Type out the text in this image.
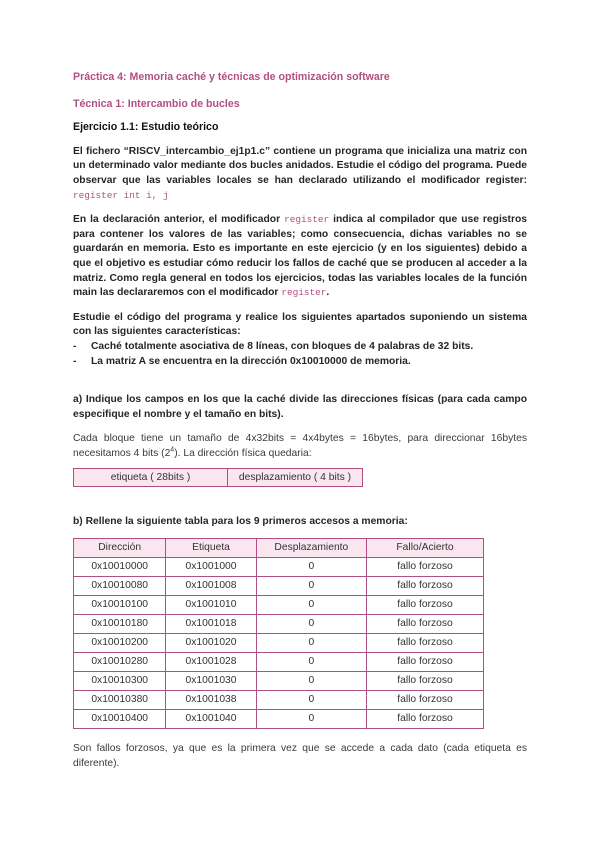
Práctica 4: Memoria caché y técnicas de optimización software

Técnica 1: Intercambio de bucles

Ejercicio 1.1: Estudio teórico

El fichero “RISCV_intercambio_ej1p1.c” contiene un programa que inicializa una matriz con un determinado valor mediante dos bucles anidados. Estudie el código del programa. Puede observar que las variables locales se han declarado utilizando el modificador register: register int i, j

En la declaración anterior, el modificador register indica al compilador que use registros para contener los valores de las variables; como consecuencia, dichas variables no se guardarán en memoria. Esto es importante en este ejercicio (y en los siguientes) debido a que el objetivo es estudiar cómo reducir los fallos de caché que se producen al acceder a la matriz. Como regla general en todos los ejercicios, todas las variables locales de la función main las declararemos con el modificador register.

Estudie el código del programa y realice los siguientes apartados suponiendo un sistema con las siguientes características:

- Caché totalmente asociativa de 8 líneas, con bloques de 4 palabras de 32 bits.
- La matriz A se encuentra en la dirección 0x10010000 de memoria.

a) Indique los campos en los que la caché divide las direcciones físicas (para cada campo especifique el nombre y el tamaño en bits).

Cada bloque tiene un tamaño de 4x32bits = 4x4bytes = 16bytes, para direccionar 16bytes necesitamos 4 bits $(2^4)$. La dirección física quedaria:

etiqueta ( 28bits )	desplazamiento ( 4 bits )

b) Rellene la siguiente tabla para los 9 primeros accesos a memoria:

Dirección	Etiqueta	Desplazamiento	Fallo/Acierto
0x10010000	0x1001000	0	fallo forzoso
0x10010080	0x1001008	0	fallo forzoso
0x10010100	0x1001010	0	fallo forzoso
0x10010180	0x1001018	0	fallo forzoso
0x10010200	0x1001020	0	fallo forzoso
0x10010280	0x1001028	0	fallo forzoso
0x10010300	0x1001030	0	fallo forzoso
0x10010380	0x1001038	0	fallo forzoso
0x10010400	0x1001040	0	fallo forzoso

Son fallos forzosos, ya que es la primera vez que se accede a cada dato (cada etiqueta es diferente).
